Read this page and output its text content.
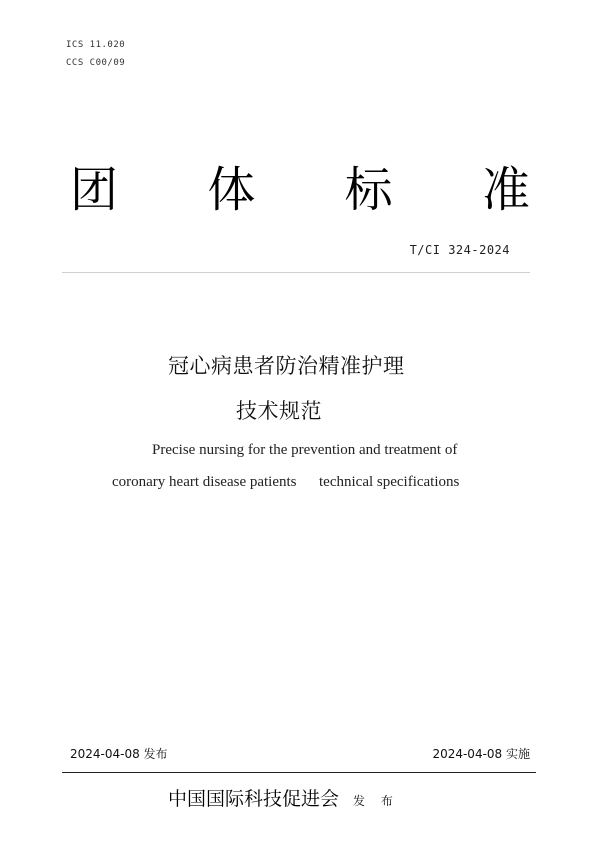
ICS 11.020
CCS C00/09
团 体 标 准
T/CI 324-2024
冠心病患者防治精准护理
技术规范
Precise nursing for the prevention and treatment of
coronary heart disease patients      technical specifications
2024-04-08 发布	2024-04-08 实施
中国国际科技促进会 发 布
